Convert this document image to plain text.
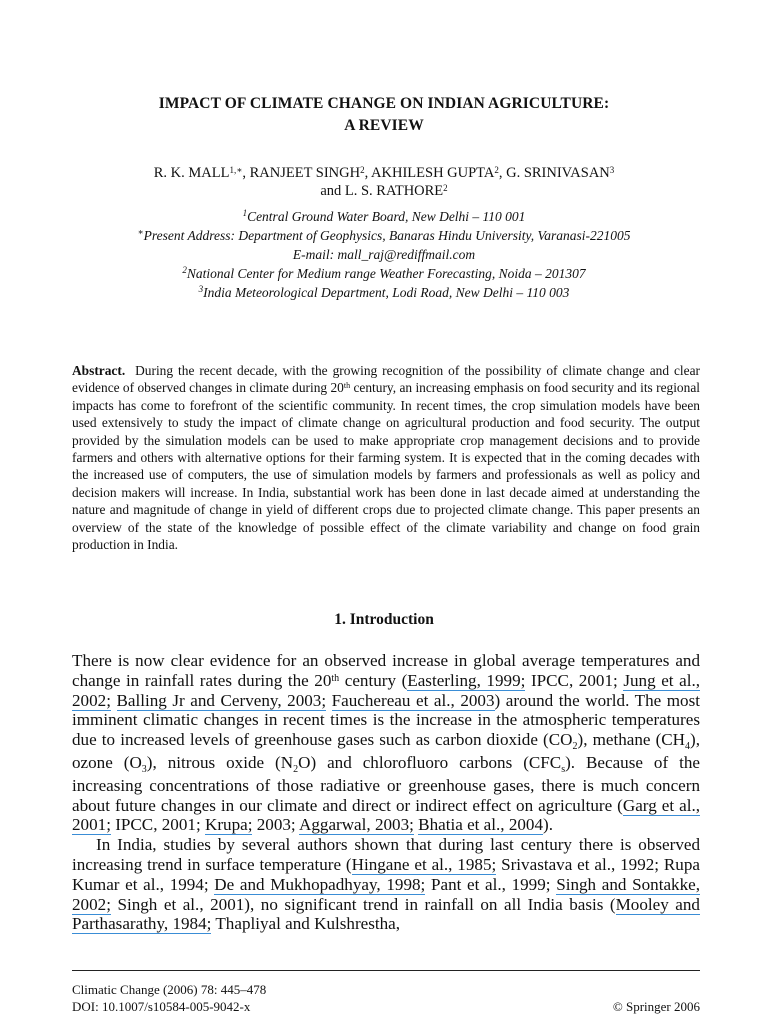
IMPACT OF CLIMATE CHANGE ON INDIAN AGRICULTURE:
A REVIEW
R. K. $MALL^{1,∗}$, RANJEET SINGH$^2$, AKHILESH GUPTA$^2$, G. SRINIVASAN$^3$
and L. S. RATHORE$^2$
$^1$Central Ground Water Board, New Delhi – 110 001
∗Present Address: Department of Geophysics, Banaras Hindu University, Varanasi-221005
E-mail: mall_raj@rediffmail.com
$^2$National Center for Medium range Weather Forecasting, Noida – 201307
$^3$India Meteorological Department, Lodi Road, New Delhi – 110 003
Abstract. During the recent decade, with the growing recognition of the possibility of climate change and clear evidence of observed changes in climate during 20th century, an increasing emphasis on food security and its regional impacts has come to forefront of the scientific community. In recent times, the crop simulation models have been used extensively to study the impact of climate change on agricultural production and food security. The output provided by the simulation models can be used to make appropriate crop management decisions and to provide farmers and others with alternative options for their farming system. It is expected that in the coming decades with the increased use of computers, the use of simulation models by farmers and professionals as well as policy and decision makers will increase. In India, substantial work has been done in last decade aimed at understanding the nature and magnitude of change in yield of different crops due to projected climate change. This paper presents an overview of the state of the knowledge of possible effect of the climate variability and change on food grain production in India.
1. Introduction

There is now clear evidence for an observed increase in global average temperatures and change in rainfall rates during the 20th century (Easterling, 1999; IPCC, 2001; Jung et al., 2002; Balling Jr and Cerveny, 2003; Fauchereau et al., 2003) around the world. The most imminent climatic changes in recent times is the increase in the atmospheric temperatures due to increased levels of greenhouse gases such as carbon dioxide $(CO_2)$, methane $(CH_4)$, ozone $(O_3)$, nitrous oxide $(N_2O)$ and chlorofluoro carbons $(CFC_s)$. Because of the increasing concentrations of those radiative or greenhouse gases, there is much concern about future changes in our climate and direct or indirect effect on agriculture (Garg et al., 2001; IPCC, 2001; Krupa; 2003; Aggarwal, 2003; Bhatia et al., 2004).

In India, studies by several authors shown that during last century there is observed increasing trend in surface temperature (Hingane et al., 1985; Srivastava et al., 1992; Rupa Kumar et al., 1994; De and Mukhopadhyay, 1998; Pant et al., 1999; Singh and Sontakke, 2002; Singh et al., 2001), no significant trend in rainfall on all India basis (Mooley and Parthasarathy, 1984; Thapliyal and Kulshrestha,

Climatic Change (2006) 78: 445–478
DOI: 10.1007/s10584-005-9042-x	© Springer 2006
